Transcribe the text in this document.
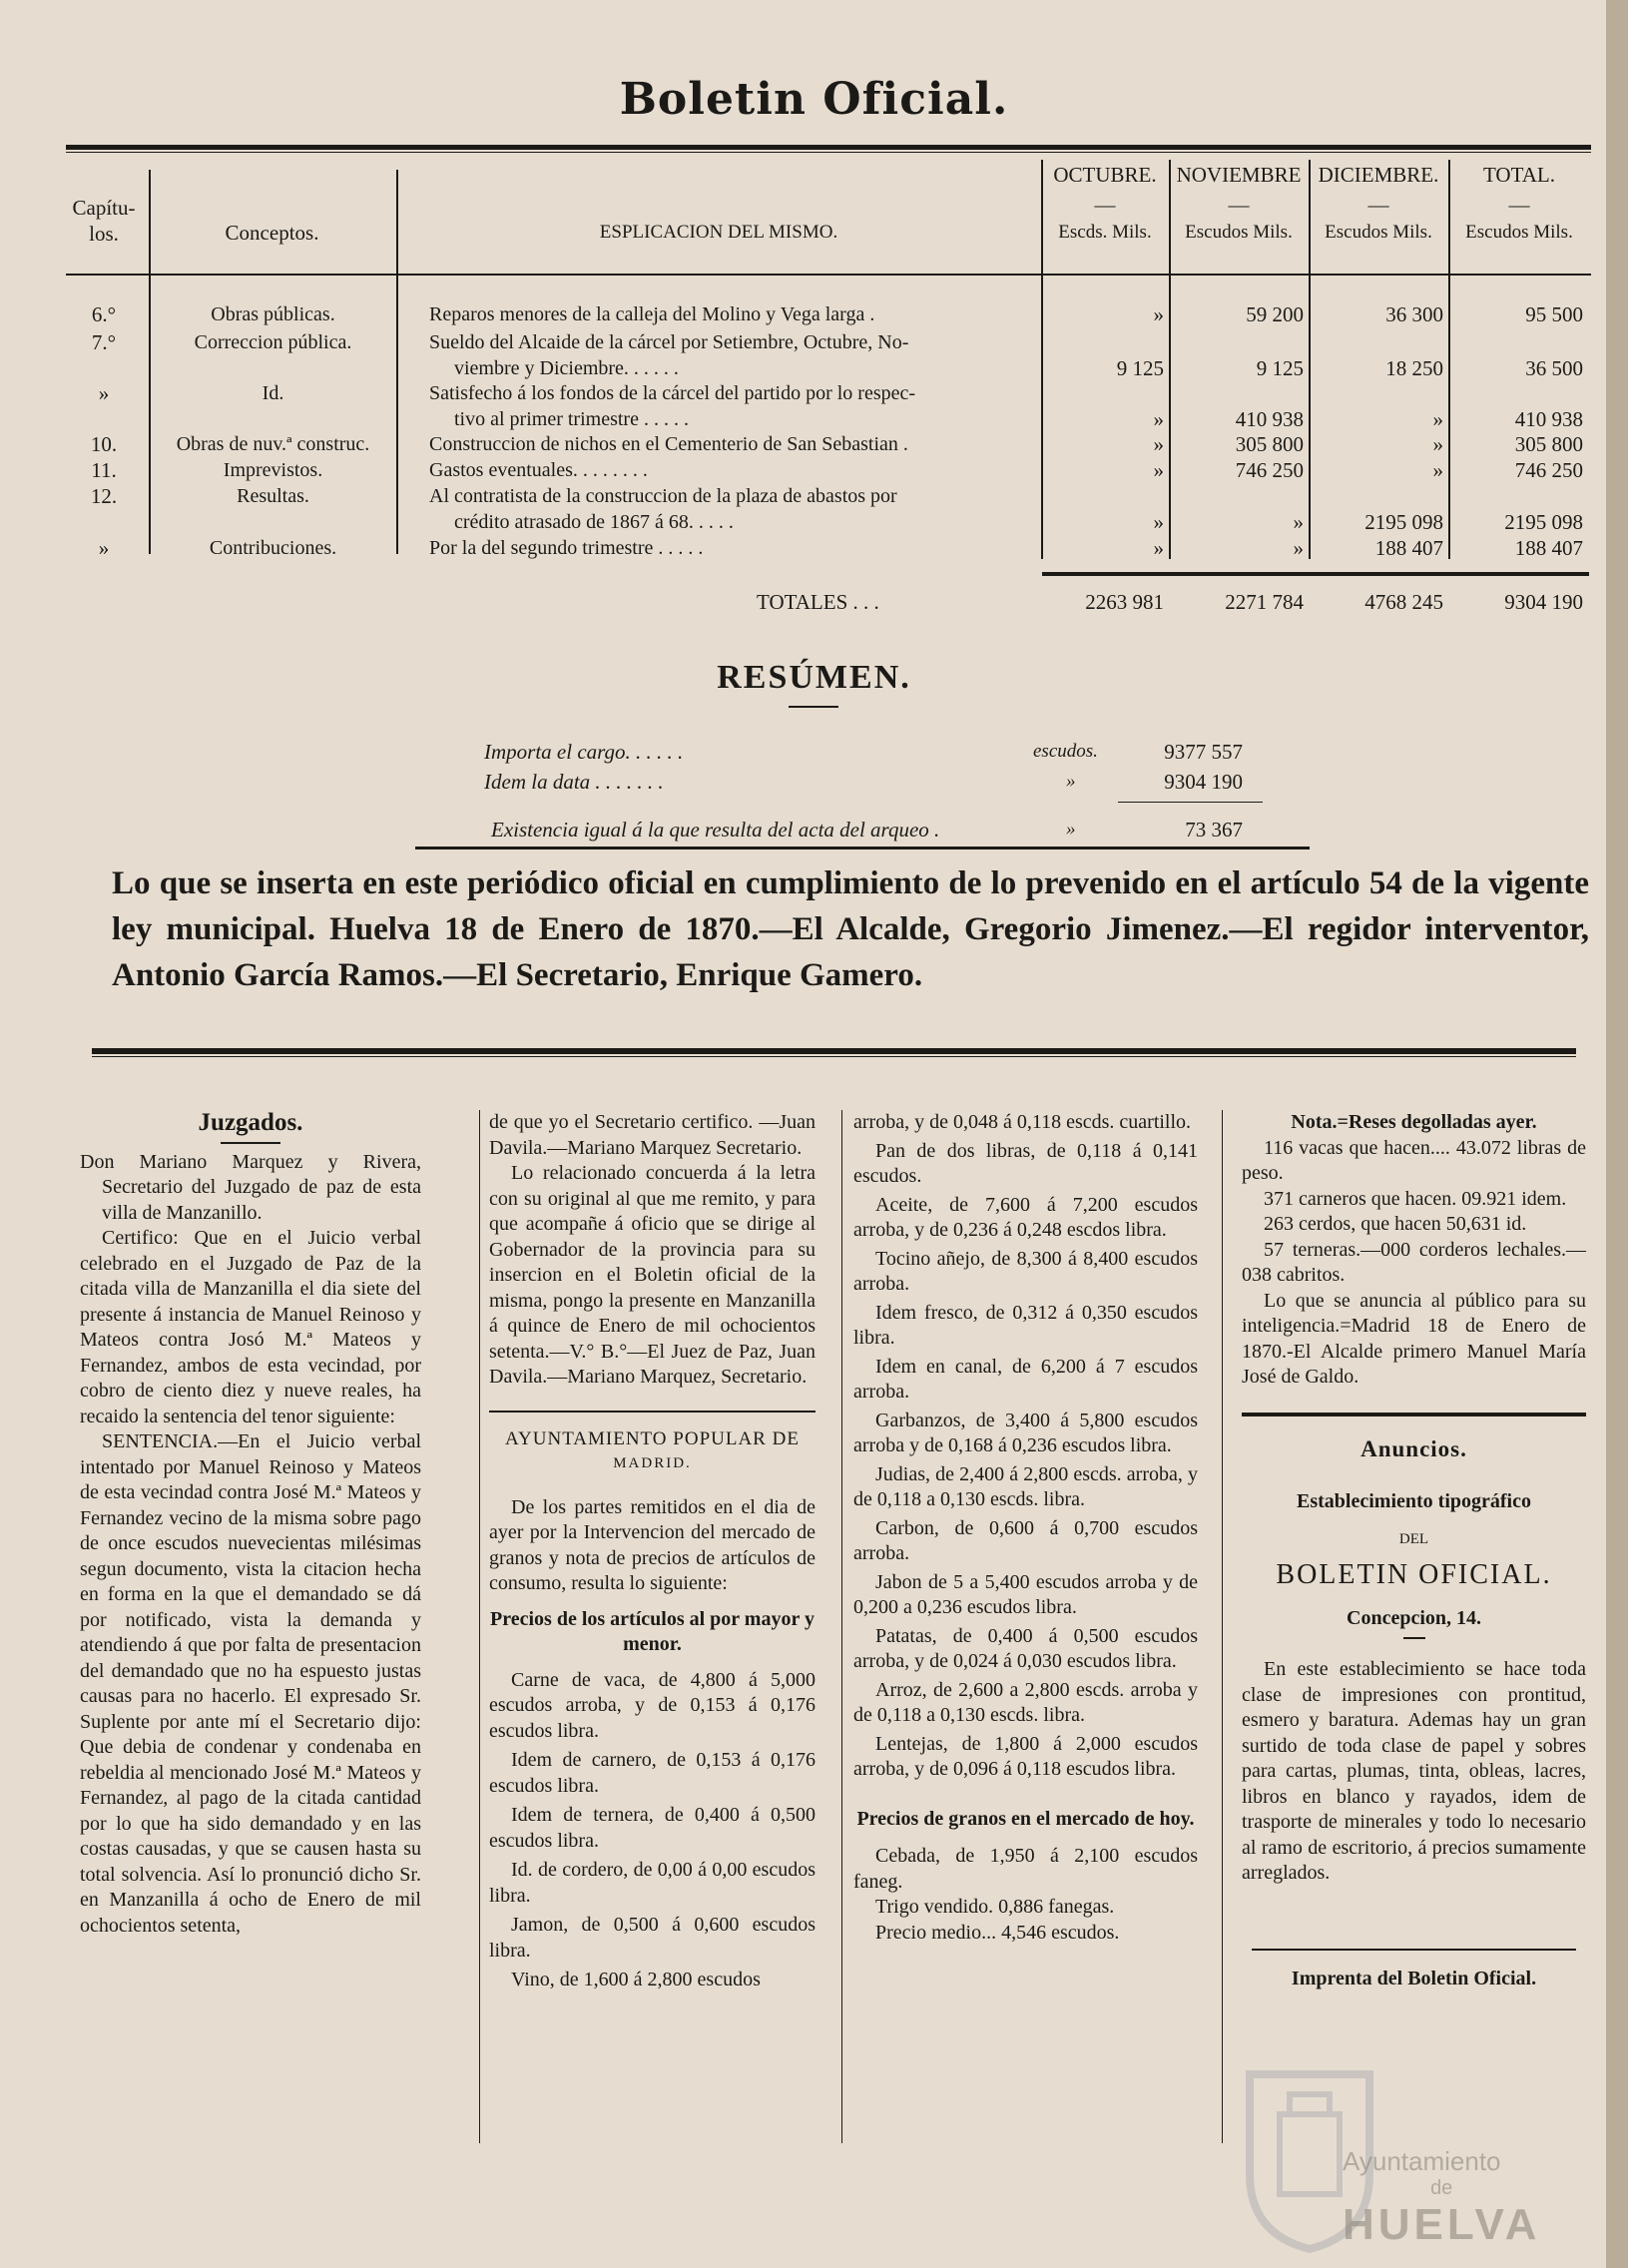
Boletin Oficial.
Capítu-
los.	Conceptos.	ESPLICACION DEL MISMO.
OCTUBRE. NOVIEMBRE DICIEMBRE.	TOTAL.
—	—	—	—
Escds. Mils.	Escudos Mils.	Escudos Mils.	Escudos Mils.
6.°	Obras públicas.	Reparos menores de la calleja del Molino y Vega larga .	»	59 200	36 300	95 500
7.°	Correccion pública.	Sueldo del Alcaide de la cárcel por Setiembre, Octubre, No-
viembre y Diciembre. . . . . .	9 125	9 125	18 250	36 500
»	Id.	Satisfecho á los fondos de la cárcel del partido por lo respec-
tivo al primer trimestre . . . . .	»	410 938	»	410 938
10.	Obras de nuv.ª construc.	Construccion de nichos en el Cementerio de San Sebastian .	»	305 800	»	305 800
11.	Imprevistos.	Gastos eventuales. . . . . . . .	»	746 250	»	746 250
12.	Resultas.	Al contratista de la construccion de la plaza de abastos por
crédito atrasado de 1867 á 68. . . . .	»	»	2195 098	2195 098
»	Contribuciones.	Por la del segundo trimestre . . . . .	»	»	188 407	188 407
TOTALES . . .	2263 981	2271 784	4768 245	9304 190
RESÚMEN.
Importa el cargo. . . . . .	escudos.	9377 557
Idem la data . . . . . . .	»	9304 190
Existencia igual á la que resulta del acta del arqueo .	»	73 367
Lo que se inserta en este periódico oficial en cumplimiento de lo prevenido en el artículo 54 de la vigente ley municipal. Huelva 18 de Enero de 1870.—El Alcalde, Gregorio Jimenez.—El regidor interventor, Antonio García Ramos.—El Secretario, Enrique Gamero.

Juzgados.

Don Mariano Marquez y Rivera, Secretario del Juzgado de paz de esta villa de Manzanillo.

Certifico: Que en el Juicio verbal celebrado en el Juzgado de Paz de la citada villa de Manzanilla el dia siete del presente á instancia de Manuel Reinoso y Mateos contra Josó M.ª Mateos y Fernandez, ambos de esta vecindad, por cobro de ciento diez y nueve reales, ha recaido la sentencia del tenor siguiente:

SENTENCIA.—En el Juicio verbal intentado por Manuel Reinoso y Mateos de esta vecindad contra José M.ª Mateos y Fernandez vecino de la misma sobre pago de once escudos nuevecientas milésimas segun documento, vista la citacion hecha en forma en la que el demandado se dá por notificado, vista la demanda y atendiendo á que por falta de presentacion del demandado que no ha espuesto justas causas para no hacerlo. El expresado Sr. Suplente por ante mí el Secretario dijo: Que debia de condenar y condenaba en rebeldia al mencionado José M.ª Mateos y Fernandez, al pago de la citada cantidad por lo que ha sido demandado y en las costas causadas, y que se causen hasta su total solvencia. Así lo pronunció dicho Sr. en Manzanilla á ocho de Enero de mil ochocientos setenta,

de que yo el Secretario certifico. —Juan Davila.—Mariano Marquez Secretario.

Lo relacionado concuerda á la letra con su original al que me remito, y para que acompañe á oficio que se dirige al Gobernador de la provincia para su insercion en el Boletin oficial de la misma, pongo la presente en Manzanilla á quince de Enero de mil ochocientos setenta.—V.° B.°—El Juez de Paz, Juan Davila.—Mariano Marquez, Secretario.

AYUNTAMIENTO POPULAR DE

MADRID.

De los partes remitidos en el dia de ayer por la Intervencion del mercado de granos y nota de precios de artículos de consumo, resulta lo siguiente:

Precios de los artículos al por mayor y menor.

Carne de vaca, de 4,800 á 5,000 escudos arroba, y de 0,153 á 0,176 escudos libra.

Idem de carnero, de 0,153 á 0,176 escudos libra.

Idem de ternera, de 0,400 á 0,500 escudos libra.

Id. de cordero, de 0,00 á 0,00 escudos libra.

Jamon, de 0,500 á 0,600 escudos libra.

Vino, de 1,600 á 2,800 escudos

arroba, y de 0,048 á 0,118 escds. cuartillo.

Pan de dos libras, de 0,118 á 0,141 escudos.

Aceite, de 7,600 á 7,200 escudos arroba, y de 0,236 á 0,248 escdos libra.

Tocino añejo, de 8,300 á 8,400 escudos arroba.

Idem fresco, de 0,312 á 0,350 escudos libra.

Idem en canal, de 6,200 á 7 escudos arroba.

Garbanzos, de 3,400 á 5,800 escudos arroba y de 0,168 á 0,236 escudos libra.

Judias, de 2,400 á 2,800 escds. arroba, y de 0,118 a 0,130 escds. libra.

Carbon, de 0,600 á 0,700 escudos arroba.

Jabon de 5 a 5,400 escudos arroba y de 0,200 a 0,236 escudos libra.

Patatas, de 0,400 á 0,500 escudos arroba, y de 0,024 á 0,030 escudos libra.

Arroz, de 2,600 a 2,800 escds. arroba y de 0,118 a 0,130 escds. libra.

Lentejas, de 1,800 á 2,000 escudos arroba, y de 0,096 á 0,118 escudos libra.

Precios de granos en el mercado de hoy.

Cebada, de 1,950 á 2,100 escudos faneg.

Trigo vendido. 0,886 fanegas.

Precio medio... 4,546 escudos.

Nota.=Reses degolladas ayer.

116 vacas que hacen.... 43.072 libras de peso.

371 carneros que hacen. 09.921 idem.

263 cerdos, que hacen 50,631 id.

57 terneras.—000 corderos lechales.—038 cabritos.

Lo que se anuncia al público para su inteligencia.=Madrid 18 de Enero de 1870.-El Alcalde primero Manuel María José de Galdo.

Anuncios.

Establecimiento tipográfico

DEL

BOLETIN OFICIAL.

Concepcion, 14.

En este establecimiento se hace toda clase de impresiones con prontitud, esmero y baratura. Ademas hay un gran surtido de toda clase de papel y sobres para cartas, plumas, tinta, obleas, lacres, libros en blanco y rayados, idem de trasporte de minerales y todo lo necesario al ramo de escritorio, á precios sumamente arreglados.

Imprenta del Boletin Oficial.

Ayuntamiento
de
HUELVA
